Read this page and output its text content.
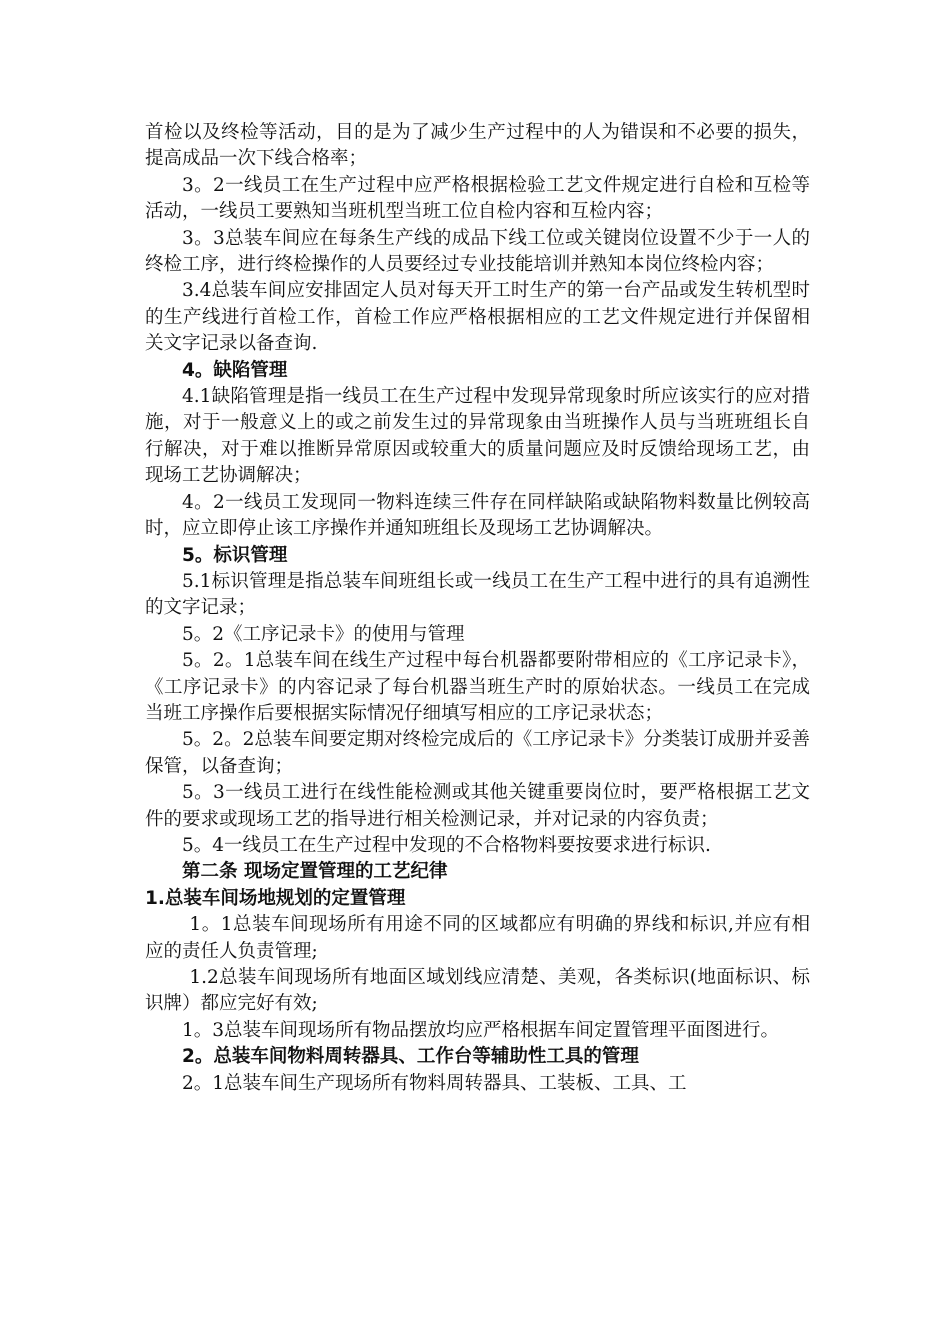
首检以及终检等活动，目的是为了减少生产过程中的人为错误和不必要的损失，提高成品一次下线合格率；

3。2一线员工在生产过程中应严格根据检验工艺文件规定进行自检和互检等活动，一线员工要熟知当班机型当班工位自检内容和互检内容；

3。3总装车间应在每条生产线的成品下线工位或关键岗位设置不少于一人的终检工序，进行终检操作的人员要经过专业技能培训并熟知本岗位终检内容；

3.4总装车间应安排固定人员对每天开工时生产的第一台产品或发生转机型时的生产线进行首检工作，首检工作应严格根据相应的工艺文件规定进行并保留相关文字记录以备查询.

4。缺陷管理

4.1缺陷管理是指一线员工在生产过程中发现异常现象时所应该实行的应对措施，对于一般意义上的或之前发生过的异常现象由当班操作人员与当班班组长自行解决，对于难以推断异常原因或较重大的质量问题应及时反馈给现场工艺，由现场工艺协调解决；

4。2一线员工发现同一物料连续三件存在同样缺陷或缺陷物料数量比例较高时，应立即停止该工序操作并通知班组长及现场工艺协调解决。

5。标识管理

5.1标识管理是指总装车间班组长或一线员工在生产工程中进行的具有追溯性的文字记录；

5。2《工序记录卡》的使用与管理

5。2。1总装车间在线生产过程中每台机器都要附带相应的《工序记录卡》，《工序记录卡》的内容记录了每台机器当班生产时的原始状态。一线员工在完成当班工序操作后要根据实际情况仔细填写相应的工序记录状态；

5。2。2总装车间要定期对终检完成后的《工序记录卡》分类装订成册并妥善保管，以备查询；

5。3一线员工进行在线性能检测或其他关键重要岗位时，要严格根据工艺文件的要求或现场工艺的指导进行相关检测记录，并对记录的内容负责；

5。4一线员工在生产过程中发现的不合格物料要按要求进行标识.

第二条 现场定置管理的工艺纪律

1.总装车间场地规划的定置管理

1。1总装车间现场所有用途不同的区域都应有明确的界线和标识,并应有相应的责任人负责管理;

1.2总装车间现场所有地面区域划线应清楚、美观，各类标识(地面标识、标识牌）都应完好有效;

1。3总装车间现场所有物品摆放均应严格根据车间定置管理平面图进行。

2。总装车间物料周转器具、工作台等辅助性工具的管理

2。1总装车间生产现场所有物料周转器具、工装板、工具、工
